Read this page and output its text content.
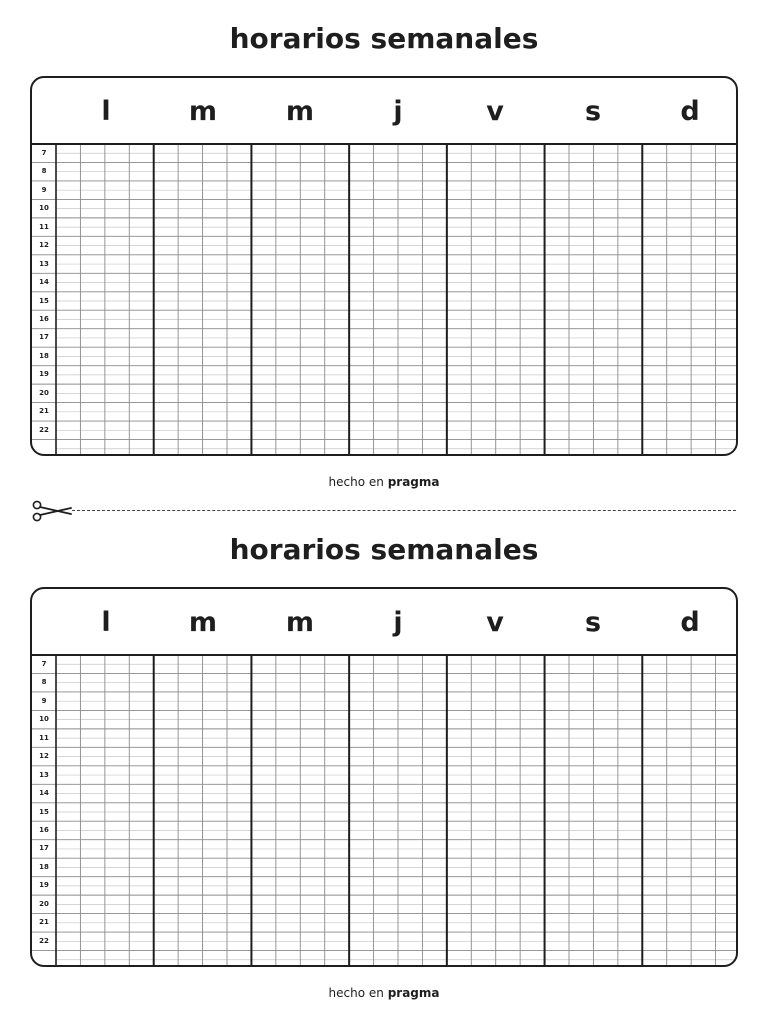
horarios semanales
l	m	m	j	v	s	d
7
8
9
10
11
12
13
14
15
16
17
18
19
20
21
22
hecho en pragma
horarios semanales
l	m	m	j	v	s	d
7
8
9
10
11
12
13
14
15
16
17
18
19
20
21
22
hecho en pragma
